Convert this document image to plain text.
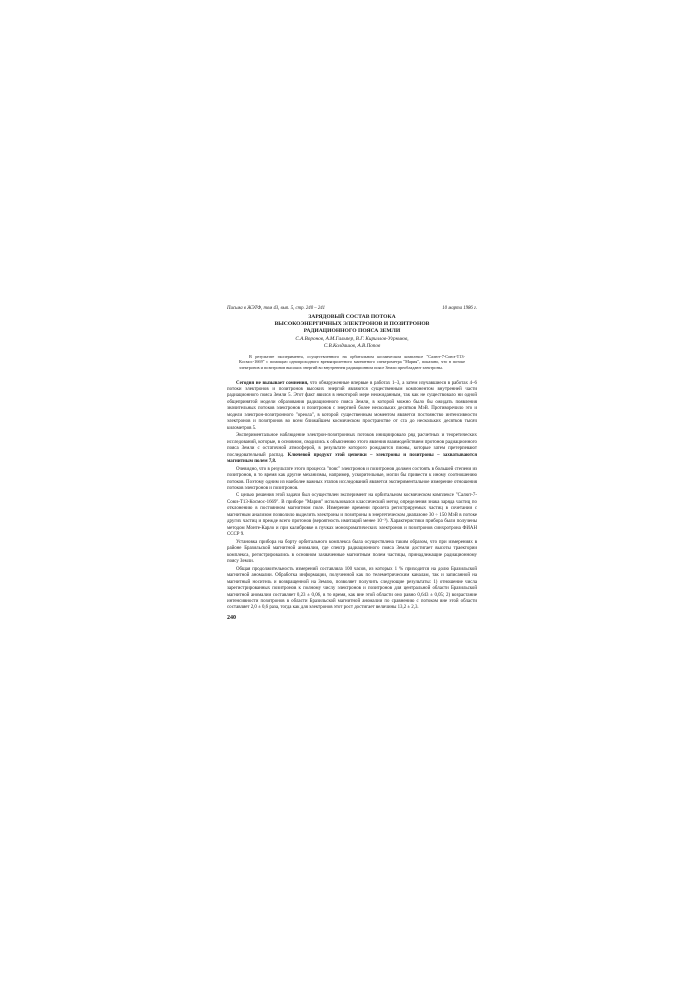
Письма в ЖЭТФ, том 43, вып. 5, стр. 240 – 241	10 марта 1986 г.
ЗАРЯДОВЫЙ СОСТАВ ПОТОКА
ВЫСОКОЭНЕРГИЧНЫХ ЭЛЕКТРОНОВ И ПОЗИТРОНОВ
РАДИАЦИОННОГО ПОЯСА ЗЕМЛИ
С.А.Воронов, А.М.Гальпер, В.Г. Кириллов-Угрюмов,
С.В.Колдашов, А.В.Попов
В результате эксперимента, осуществленного на орбитальном космическом комплексе "Салют-7-Союз-Т13-Космос-1669" с помощью однопроходного времяпролетного магнитного спектрометра "Мария", показано, что в потоке электронов и позитронов высоких энергий во внутреннем радиационном поясе Земли преобладают электроны.

Сегодня не вызывает сомнения, что обнаруженные впервые в работах 1–3, а затем изучавшиеся в работах 4–6 потоки электронов и позитронов высоких энергий являются существенным компонентом внутренней части радиационного пояса Земли 5. Этот факт явился в некоторой мере неожиданным, так как не существовало ни одной общепринятой модели образования радиационного пояса Земли, в которой можно было бы ожидать появления значительных потоков электронов и позитронов с энергией более нескольких десятков МэВ. Противоречило это и модели электрон-позитронного "ореола", в которой существенным моментом является постоянство интенсивности электронов и позитронов во всем ближайшем космическом пространстве от сга до нескольких десятков тысяч километров 5.

Экспериментальное наблюдение электрон-позитронных потоков инициировало ряд расчетных и теоретических исследований, которые, в основном, сводились к объяснению этого явления взаимодействием протонов радиационного пояса Земли с остаточной атмосферой, в результате которого рождаются пионы, которые затем претерпевают последовательный распад. Ключевой продукт этой цепочки – электроны и позитроны – захватываются магнитным полем 7,8.

Очевидно, что в результате этого процесса "пояс" электронов и позитронов должен состоять в большей степени из позитронов, в то время как другие механизмы, например, ускорительные, могли бы привести к иному соотношению потоков. Поэтому одним из наиболее важных этапов исследований является экспериментальное измерение отношения потоков электронов и позитронов.

С целью решения этой задачи был осуществлен эксперимент на орбитальном космическом комплексе "Салют-7-Союз-Т13-Космос-1669". В приборе "Мария" использовался классический метод определения знака заряда частиц по отклонению в постоянном магнитном поле. Измерение времени пролета регистрируемых частиц в сочетании с магнитным анализом позволило выделить электроны и позитроны в энергетическом диапазоне 30 ÷ 150 МэВ в потоке других частиц и прежде всего протонов (вероятность имитаций менее 10⁻³). Характеристики прибора были получены методом Монте-Карло и при калибровке в пучках монохроматических электронов и позитронов синхротрона ФИАН СССР 9.

Установка прибора на борту орбитального комплекса была осуществлена таким образом, что при измерениях в районе Бразильской магнитной аномалии, где спектр радиационного пояса Земли достигает высоты траектории комплекса, регистрировались в основном захваченные магнитным полем частицы, принадлежащие радиационному поясу Земли.

Общая продолжительность измерений составляла 100 часов, из которых 1 % приходится на долю Бразильской магнитной аномалии. Обработка информации, полученной как по телеметрическим каналам, так и записанной на магнитный носитель и возвращенной на Землю, позволяет получить следующие результаты: 1) отношение числа зарегистрированных позитронов к полному числу электронов и позитронов для центральной области Бразильской магнитной аномалии составляет 0,23 ± 0,06, в то время, как вне этой области оно равно 0,643 ± 0,05; 2) возрастание интенсивности позитронов в области Бразильской магнитной аномалии по сравнению с потоком вне этой области составляет 2,0 ± 0,6 раза, тогда как для электронов этот рост достигает величины 13,2 ± 2,3.

240
